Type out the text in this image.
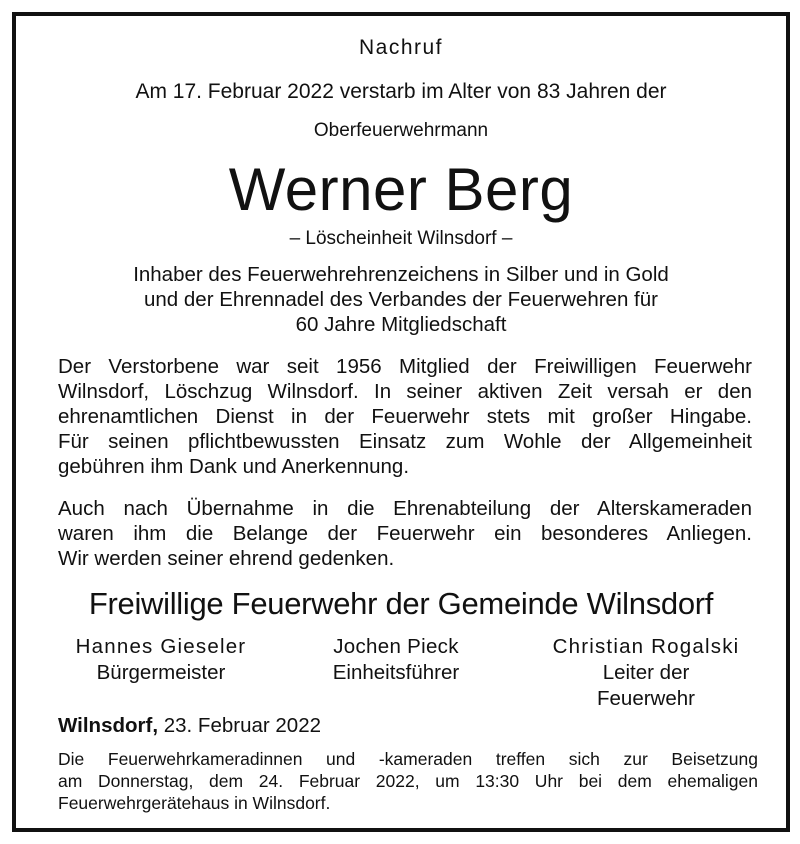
Nachruf
Am 17. Februar 2022 verstarb im Alter von 83 Jahren der
Oberfeuerwehrmann
Werner Berg
– Löscheinheit Wilnsdorf –
Inhaber des Feuerwehrehrenzeichens in Silber und in Gold
und der Ehrennadel des Verbandes der Feuerwehren für
60 Jahre Mitgliedschaft
Der Verstorbene war seit 1956 Mitglied der Freiwilligen Feuerwehr
Wilnsdorf, Löschzug Wilnsdorf. In seiner aktiven Zeit versah er den
ehrenamtlichen Dienst in der Feuerwehr stets mit großer Hingabe.
Für seinen pflichtbewussten Einsatz zum Wohle der Allgemeinheit
gebühren ihm Dank und Anerkennung.
Auch nach Übernahme in die Ehrenabteilung der Alterskameraden
waren ihm die Belange der Feuerwehr ein besonderes Anliegen.
Wir werden seiner ehrend gedenken.
Freiwillige Feuerwehr der Gemeinde Wilnsdorf
Hannes Gieseler
Bürgermeister
Jochen Pieck
Einheitsführer
Christian Rogalski
Leiter der
Feuerwehr
Wilnsdorf, 23. Februar 2022
Die Feuerwehrkameradinnen und -kameraden treffen sich zur Beisetzung
am Donnerstag, dem 24. Februar 2022, um 13:30 Uhr bei dem ehemaligen
Feuerwehrgerätehaus in Wilnsdorf.
